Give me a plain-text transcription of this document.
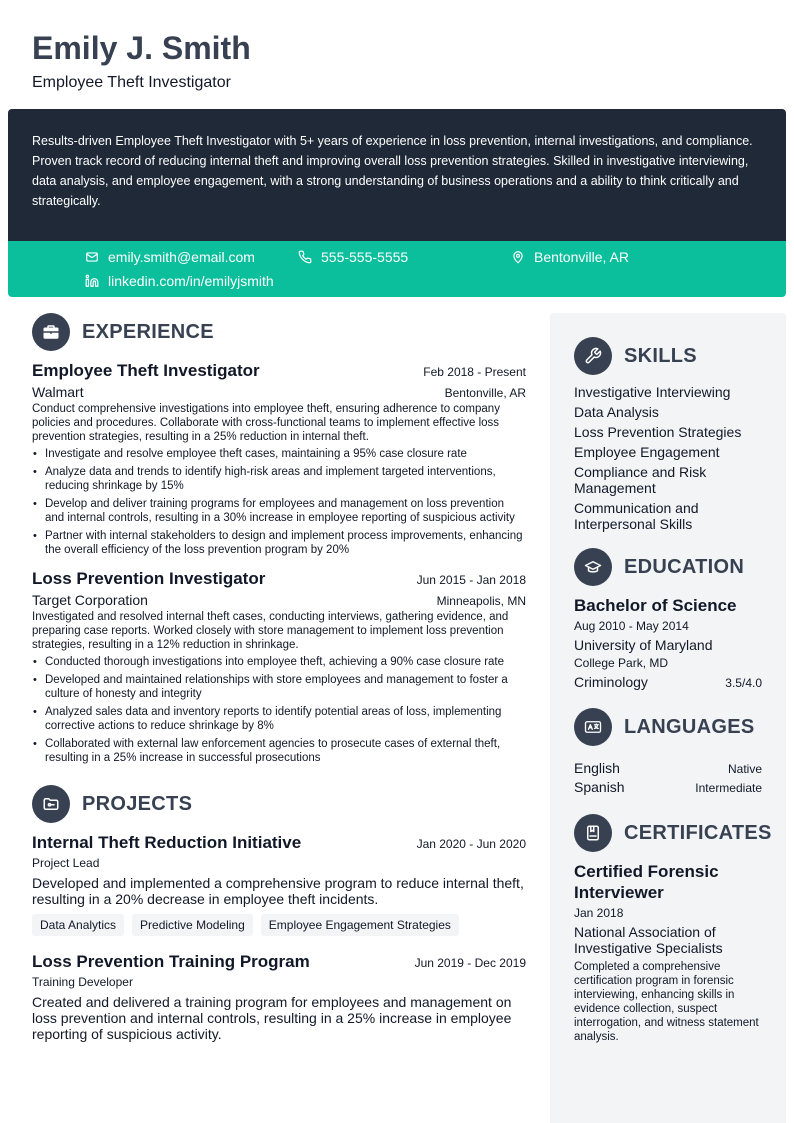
Emily J. Smith
Employee Theft Investigator

Results-driven Employee Theft Investigator with 5+ years of experience in loss prevention, internal investigations, and compliance. Proven track record of reducing internal theft and improving overall loss prevention strategies. Skilled in investigative interviewing, data analysis, and employee engagement, with a strong understanding of business operations and a ability to think critically and strategically.

emily.smith@email.com	555-555-5555	Bentonville, AR
linkedin.com/in/emilyjsmith
EXPERIENCE
Employee Theft Investigator	Feb 2018 - Present
Walmart	Bentonville, AR
Conduct comprehensive investigations into employee theft, ensuring adherence to company policies and procedures. Collaborate with cross-functional teams to implement effective loss prevention strategies, resulting in a 25% reduction in internal theft.
• Investigate and resolve employee theft cases, maintaining a 95% case closure rate
• Analyze data and trends to identify high-risk areas and implement targeted interventions, reducing shrinkage by 15%
• Develop and deliver training programs for employees and management on loss prevention and internal controls, resulting in a 30% increase in employee reporting of suspicious activity
• Partner with internal stakeholders to design and implement process improvements, enhancing the overall efficiency of the loss prevention program by 20%
Loss Prevention Investigator	Jun 2015 - Jan 2018
Target Corporation	Minneapolis, MN
Investigated and resolved internal theft cases, conducting interviews, gathering evidence, and preparing case reports. Worked closely with store management to implement loss prevention strategies, resulting in a 12% reduction in shrinkage.
• Conducted thorough investigations into employee theft, achieving a 90% case closure rate
• Developed and maintained relationships with store employees and management to foster a culture of honesty and integrity
• Analyzed sales data and inventory reports to identify potential areas of loss, implementing corrective actions to reduce shrinkage by 8%
• Collaborated with external law enforcement agencies to prosecute cases of external theft, resulting in a 25% increase in successful prosecutions
PROJECTS
Internal Theft Reduction Initiative	Jan 2020 - Jun 2020
Project Lead
Developed and implemented a comprehensive program to reduce internal theft, resulting in a 20% decrease in employee theft incidents.
Data Analytics	Predictive Modeling	Employee Engagement Strategies
Loss Prevention Training Program	Jun 2019 - Dec 2019
Training Developer
Created and delivered a training program for employees and management on loss prevention and internal controls, resulting in a 25% increase in employee reporting of suspicious activity.
SKILLS
Investigative Interviewing
Data Analysis
Loss Prevention Strategies
Employee Engagement
Compliance and Risk Management
Communication and Interpersonal Skills
EDUCATION
Bachelor of Science
Aug 2010 - May 2014
University of Maryland
College Park, MD
Criminology	3.5/4.0
LANGUAGES
English	Native
Spanish	Intermediate
CERTIFICATES
Certified Forensic Interviewer
Jan 2018
National Association of Investigative Specialists
Completed a comprehensive certification program in forensic interviewing, enhancing skills in evidence collection, suspect interrogation, and witness statement analysis.
